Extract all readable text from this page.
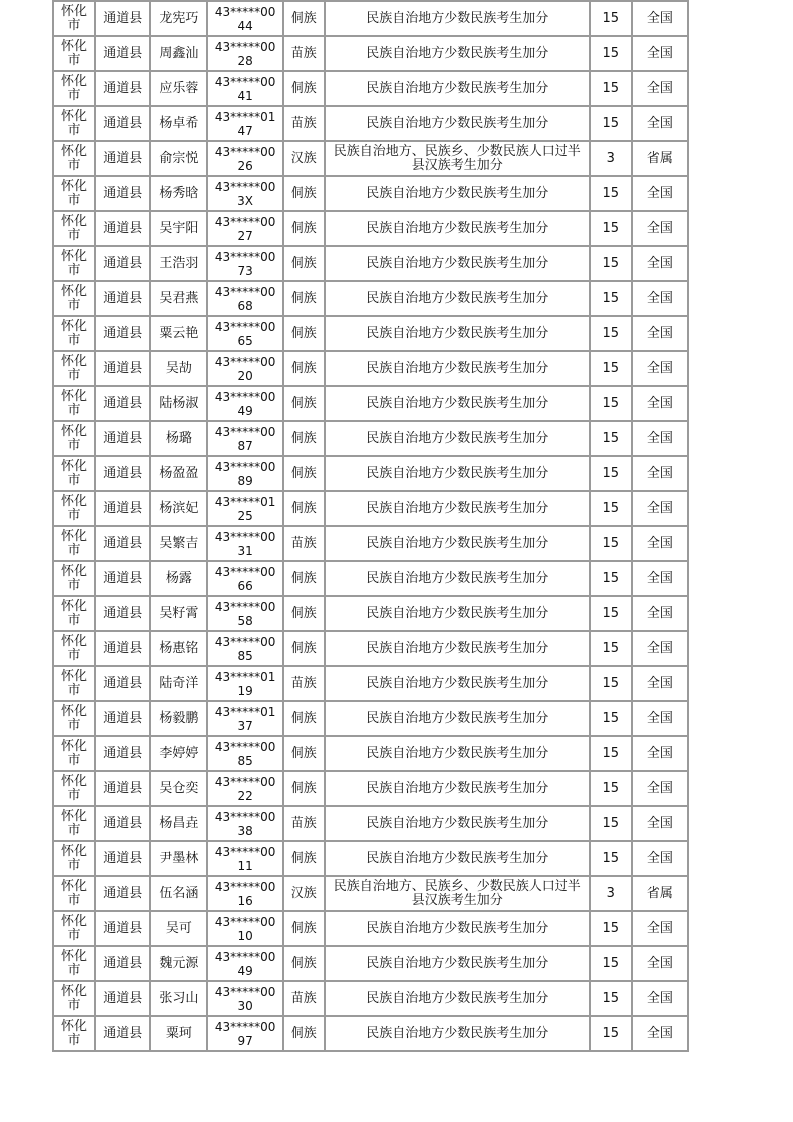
怀化市	通道县	龙宪巧	43*****0044	侗族	民族自治地方少数民族考生加分	15	全国

怀化市	通道县	周鑫汕	43*****0028	苗族	民族自治地方少数民族考生加分	15	全国

怀化市	通道县	应乐蓉	43*****0041	侗族	民族自治地方少数民族考生加分	15	全国

怀化市	通道县	杨卓希	43*****0147	苗族	民族自治地方少数民族考生加分	15	全国

怀化市	通道县	俞宗悦	43*****0026	汉族	民族自治地方、民族乡、少数民族人口过半县汉族考生加分	3	省属

怀化市	通道县	杨秀晗	43*****003X	侗族	民族自治地方少数民族考生加分	15	全国

怀化市	通道县	吴宇阳	43*****0027	侗族	民族自治地方少数民族考生加分	15	全国

怀化市	通道县	王浩羽	43*****0073	侗族	民族自治地方少数民族考生加分	15	全国

怀化市	通道县	吴君燕	43*****0068	侗族	民族自治地方少数民族考生加分	15	全国

怀化市	通道县	粟云艳	43*****0065	侗族	民族自治地方少数民族考生加分	15	全国

怀化市	通道县	吴劼	43*****0020	侗族	民族自治地方少数民族考生加分	15	全国

怀化市	通道县	陆杨淑	43*****0049	侗族	民族自治地方少数民族考生加分	15	全国

怀化市	通道县	杨璐	43*****0087	侗族	民族自治地方少数民族考生加分	15	全国

怀化市	通道县	杨盈盈	43*****0089	侗族	民族自治地方少数民族考生加分	15	全国

怀化市	通道县	杨滨妃	43*****0125	侗族	民族自治地方少数民族考生加分	15	全国

怀化市	通道县	吴繁吉	43*****0031	苗族	民族自治地方少数民族考生加分	15	全国

怀化市	通道县	杨露	43*****0066	侗族	民族自治地方少数民族考生加分	15	全国

怀化市	通道县	吴籽霄	43*****0058	侗族	民族自治地方少数民族考生加分	15	全国

怀化市	通道县	杨惠铭	43*****0085	侗族	民族自治地方少数民族考生加分	15	全国

怀化市	通道县	陆奇洋	43*****0119	苗族	民族自治地方少数民族考生加分	15	全国

怀化市	通道县	杨毅鹏	43*****0137	侗族	民族自治地方少数民族考生加分	15	全国

怀化市	通道县	李婷婷	43*****0085	侗族	民族自治地方少数民族考生加分	15	全国

怀化市	通道县	吴仓奕	43*****0022	侗族	民族自治地方少数民族考生加分	15	全国

怀化市	通道县	杨昌垚	43*****0038	苗族	民族自治地方少数民族考生加分	15	全国

怀化市	通道县	尹墨林	43*****0011	侗族	民族自治地方少数民族考生加分	15	全国

怀化市	通道县	伍名涵	43*****0016	汉族	民族自治地方、民族乡、少数民族人口过半县汉族考生加分	3	省属

怀化市	通道县	吴可	43*****0010	侗族	民族自治地方少数民族考生加分	15	全国

怀化市	通道县	魏元源	43*****0049	侗族	民族自治地方少数民族考生加分	15	全国

怀化市	通道县	张习山	43*****0030	苗族	民族自治地方少数民族考生加分	15	全国

怀化市	通道县	粟珂	43*****0097	侗族	民族自治地方少数民族考生加分	15	全国
